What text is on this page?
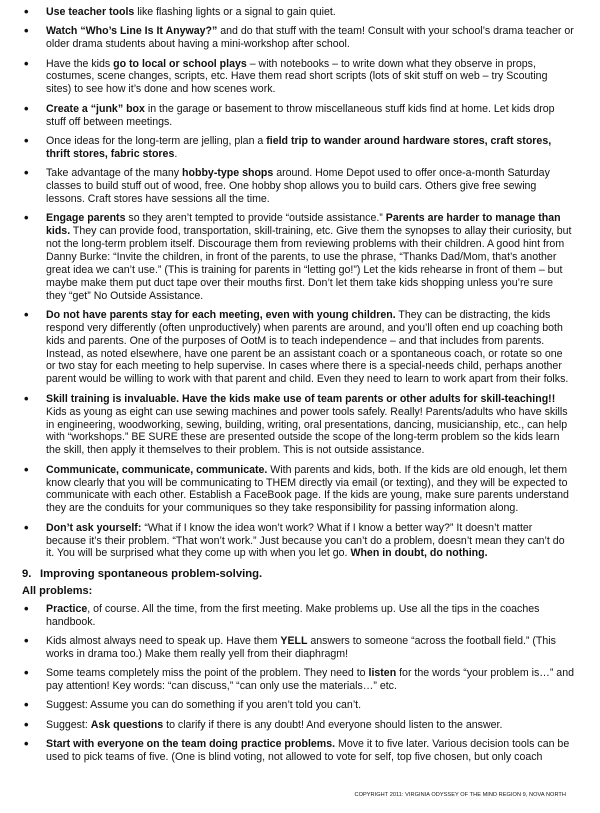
• Use teacher tools like flashing lights or a signal to gain quiet.
• Watch “Who’s Line Is It Anyway?” and do that stuff with the team! Consult with your school’s drama teacher or older drama students about having a mini-workshop after school.
• Have the kids go to local or school plays – with notebooks – to write down what they observe in props, costumes, scene changes, scripts, etc. Have them read short scripts (lots of skit stuff on web – try Scouting sites) to see how it’s done and how scenes work.
• Create a “junk” box in the garage or basement to throw miscellaneous stuff kids find at home. Let kids drop stuff off between meetings.
• Once ideas for the long-term are jelling, plan a field trip to wander around hardware stores, craft stores, thrift stores, fabric stores.
• Take advantage of the many hobby-type shops around. Home Depot used to offer once-a-month Saturday classes to build stuff out of wood, free. One hobby shop allows you to build cars. Others give free sewing lessons. Craft stores have sessions all the time.
• Engage parents so they aren’t tempted to provide “outside assistance.” Parents are harder to manage than kids. They can provide food, transportation, skill-training, etc. Give them the synopses to allay their curiosity, but not the long-term problem itself. Discourage them from reviewing problems with their children. A good hint from Danny Burke: “Invite the children, in front of the parents, to use the phrase, “Thanks Dad/Mom, that’s another great idea we can’t use.” (This is training for parents in “letting go!”) Let the kids rehearse in front of them – but maybe make them put duct tape over their mouths first. Don’t let them take kids shopping unless you’re sure they “get” No Outside Assistance.
• Do not have parents stay for each meeting, even with young children. They can be distracting, the kids respond very differently (often unproductively) when parents are around, and you’ll often end up coaching both kids and parents. One of the purposes of OotM is to teach independence – and that includes from parents. Instead, as noted elsewhere, have one parent be an assistant coach or a spontaneous coach, or rotate so one or two stay for each meeting to help supervise. In cases where there is a special-needs child, perhaps another parent would be willing to work with that parent and child. Even they need to learn to work apart from their folks.
• Skill training is invaluable. Have the kids make use of team parents or other adults for skill-teaching!! Kids as young as eight can use sewing machines and power tools safely. Really! Parents/adults who have skills in engineering, woodworking, sewing, building, writing, oral presentations, dancing, musicianship, etc., can help with “workshops.” BE SURE these are presented outside the scope of the long-term problem so the kids learn the skill, then apply it themselves to their problem. This is not outside assistance.
• Communicate, communicate, communicate. With parents and kids, both. If the kids are old enough, let them know clearly that you will be communicating to THEM directly via email (or texting), and they will be expected to communicate with each other. Establish a FaceBook page. If the kids are young, make sure parents understand they are the conduits for your communiques so they take responsibility for passing information along.
• Don’t ask yourself: “What if I know the idea won’t work? What if I know a better way?” It doesn’t matter because it’s their problem. “That won’t work.” Just because you can’t do a problem, doesn’t mean they can’t do it. You will be surprised what they come up with when you let go. When in doubt, do nothing.
9. Improving spontaneous problem-solving.
All problems:
• Practice, of course. All the time, from the first meeting. Make problems up. Use all the tips in the coaches handbook.
• Kids almost always need to speak up. Have them YELL answers to someone “across the football field.” (This works in drama too.) Make them really yell from their diaphragm!
• Some teams completely miss the point of the problem. They need to listen for the words “your problem is…” and pay attention! Key words: “can discuss,” “can only use the materials…” etc.
• Suggest: Assume you can do something if you aren’t told you can’t.
• Suggest: Ask questions to clarify if there is any doubt! And everyone should listen to the answer.
• Start with everyone on the team doing practice problems. Move it to five later. Various decision tools can be used to pick teams of five. (One is blind voting, not allowed to vote for self, top five chosen, but only coach
COPYRIGHT 2011: VIRGINIA ODYSSEY OF THE MIND REGION 9, NOVA NORTH
